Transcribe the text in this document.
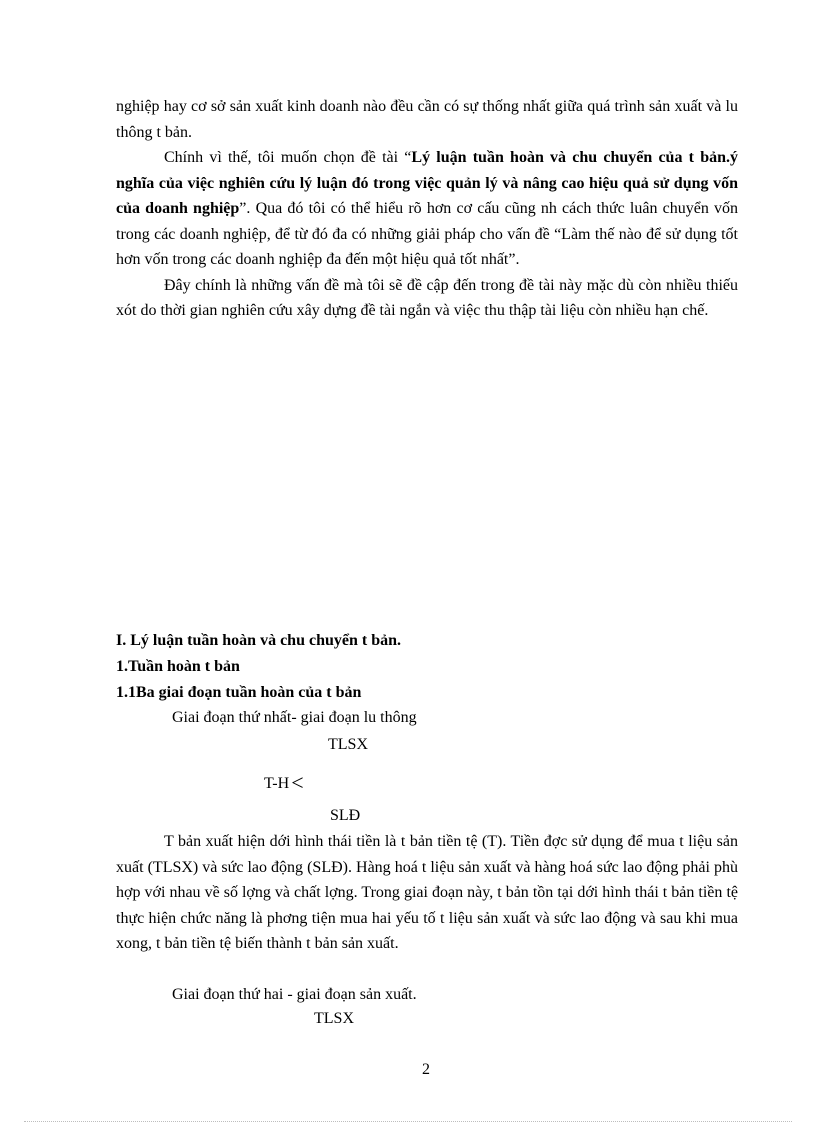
nghiệp hay cơ sở sản xuất kinh doanh nào đều cần có sự thống nhất giữa quá trình sản xuất và lu thông t bản.

Chính vì thế, tôi muốn chọn đề tài “Lý luận tuần hoàn và chu chuyển của t bản.ý nghĩa của việc nghiên cứu lý luận đó trong việc quản lý và nâng cao hiệu quả sử dụng vốn của doanh nghiệp”. Qua đó tôi có thể hiểu rõ hơn cơ cấu cũng nh cách thức luân chuyển vốn trong các doanh nghiệp, để từ đó đa có những giải pháp cho vấn đề “Làm thế nào để sử dụng tốt hơn vốn trong các doanh nghiệp đa đến một hiệu quả tốt nhất”.

Đây chính là những vấn đề mà tôi sẽ đề cập đến trong đề tài này mặc dù còn nhiều thiếu xót do thời gian nghiên cứu xây dựng đề tài ngắn và việc thu thập tài liệu còn nhiều hạn chế.

I. Lý luận tuần hoàn và chu chuyển t bản.
1.Tuần hoàn t bản
1.1Ba giai đoạn tuần hoàn của t bản
Giai đoạn thứ nhất- giai đoạn lu thông
TLSX
T-H<
SLĐ

T bản xuất hiện dới hình thái tiền là t bản tiền tệ (T). Tiền đợc sử dụng để mua t liệu sản xuất (TLSX) và sức lao động (SLĐ). Hàng hoá t liệu sản xuất và hàng hoá sức lao động phải phù hợp với nhau về số lợng và chất lợng. Trong giai đoạn này, t bản tồn tại dới hình thái t bản tiền tệ thực hiện chức năng là phơng tiện mua hai yếu tố t liệu sản xuất và sức lao động và sau khi mua xong, t bản tiền tệ biến thành t bản sản xuất.

Giai đoạn thứ hai - giai đoạn sản xuất.
TLSX
2
